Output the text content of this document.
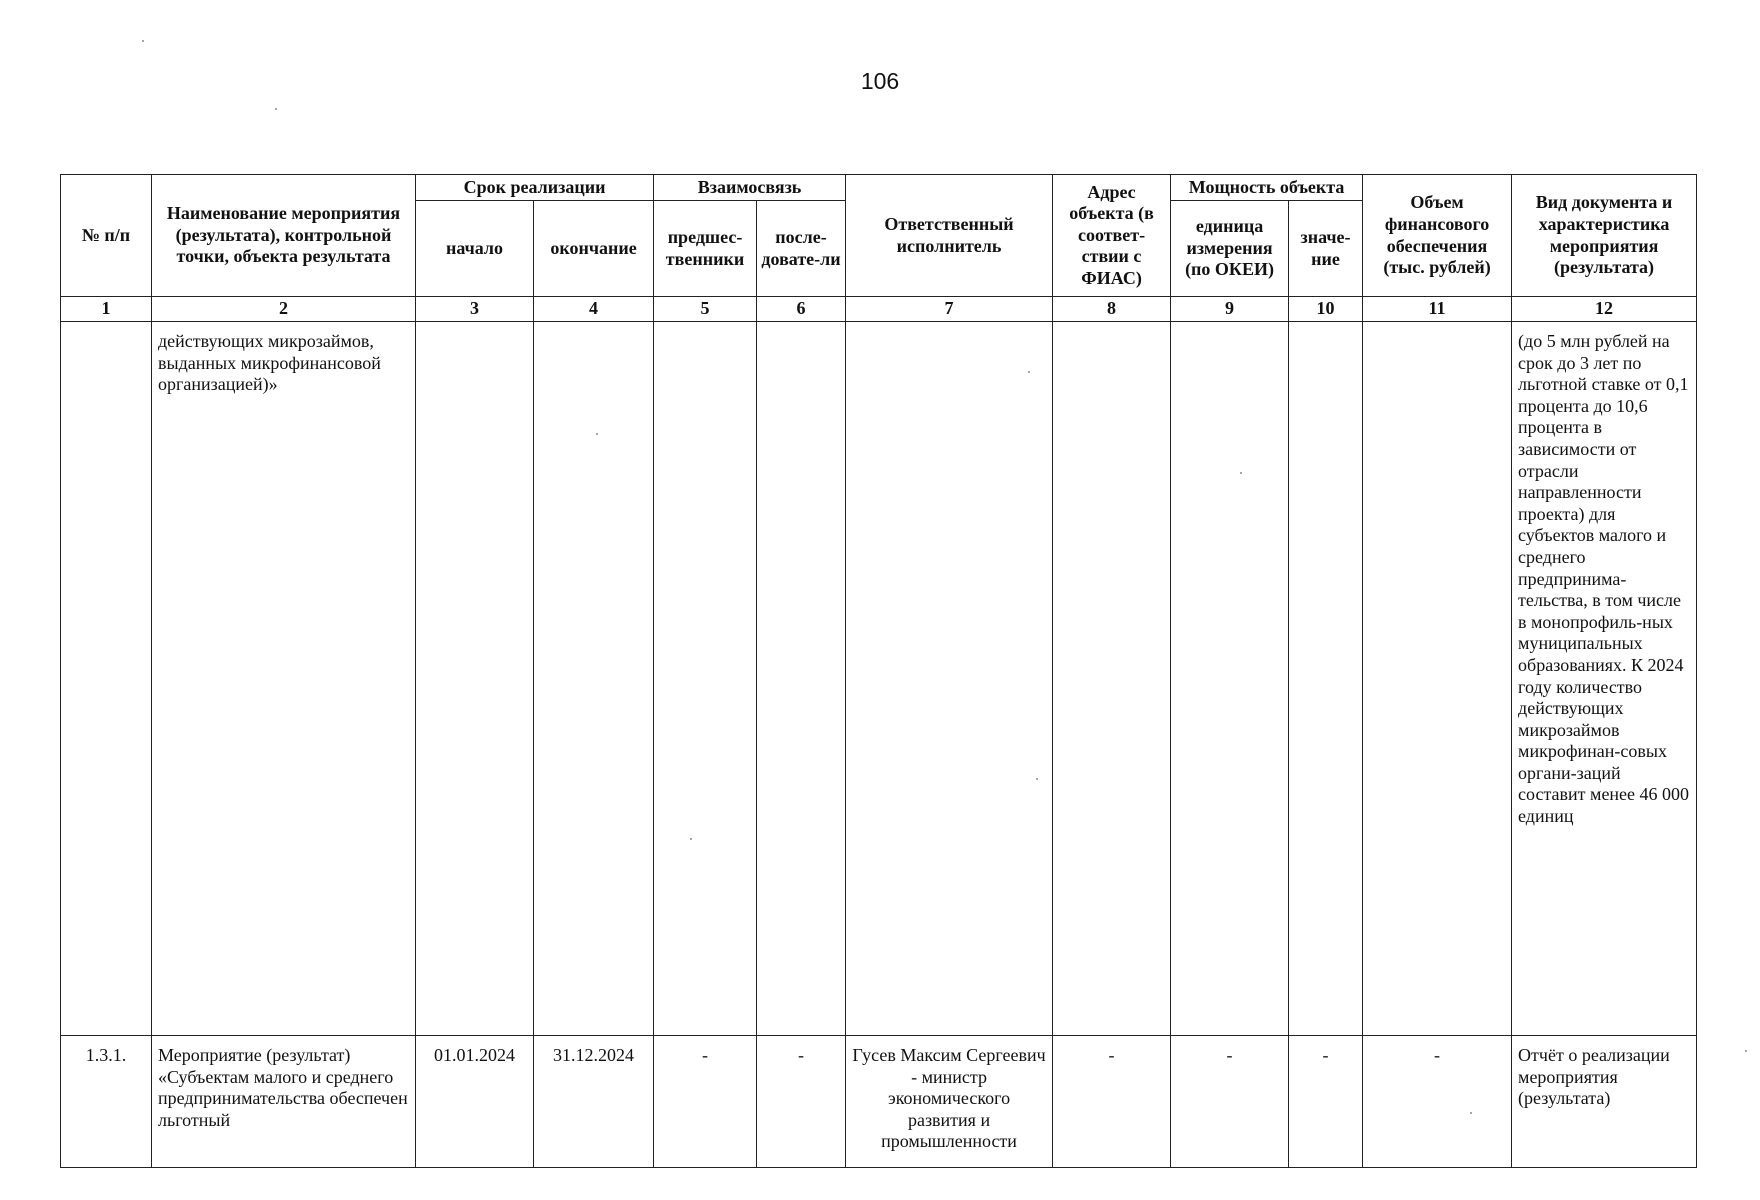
106
№ п/п	Наименование мероприятия (результата), контрольной точки, объекта результата	Срок реализации		Взаимосвязь		Ответственный исполнитель	Адрес объекта (в соответ-ствии с ФИАС)	Мощность объекта		Объем финансового обеспечения (тыс. рублей)	Вид документа и характеристика мероприятия (результата)
		начало	окончание	предшес-твенники	после-довате-ли			единица измерения (по ОКЕИ)	значе-ние		
1	2	3	4	5	6	7	8	9	10	11	12
	действующих микрозаймов, выданных микрофинансовой организацией)»										(до 5 млн рублей на срок до 3 лет по льготной ставке от 0,1 процента до 10,6 процента в зависимости от отрасли направленности проекта) для субъектов малого и среднего предпринима-тельства, в том числе в монопрофиль-ных муниципальных образованиях. К 2024 году количество действующих микрозаймов микрофинан-совых органи-заций составит менее 46 000 единиц
1.3.1.	Мероприятие (результат) «Субъектам малого и среднего предпринимательства обеспечен льготный	01.01.2024	31.12.2024	-	-	Гусев Максим Сергеевич - министр экономического развития и промышленности	-	-	-	-	Отчёт о реализации мероприятия (результата)
